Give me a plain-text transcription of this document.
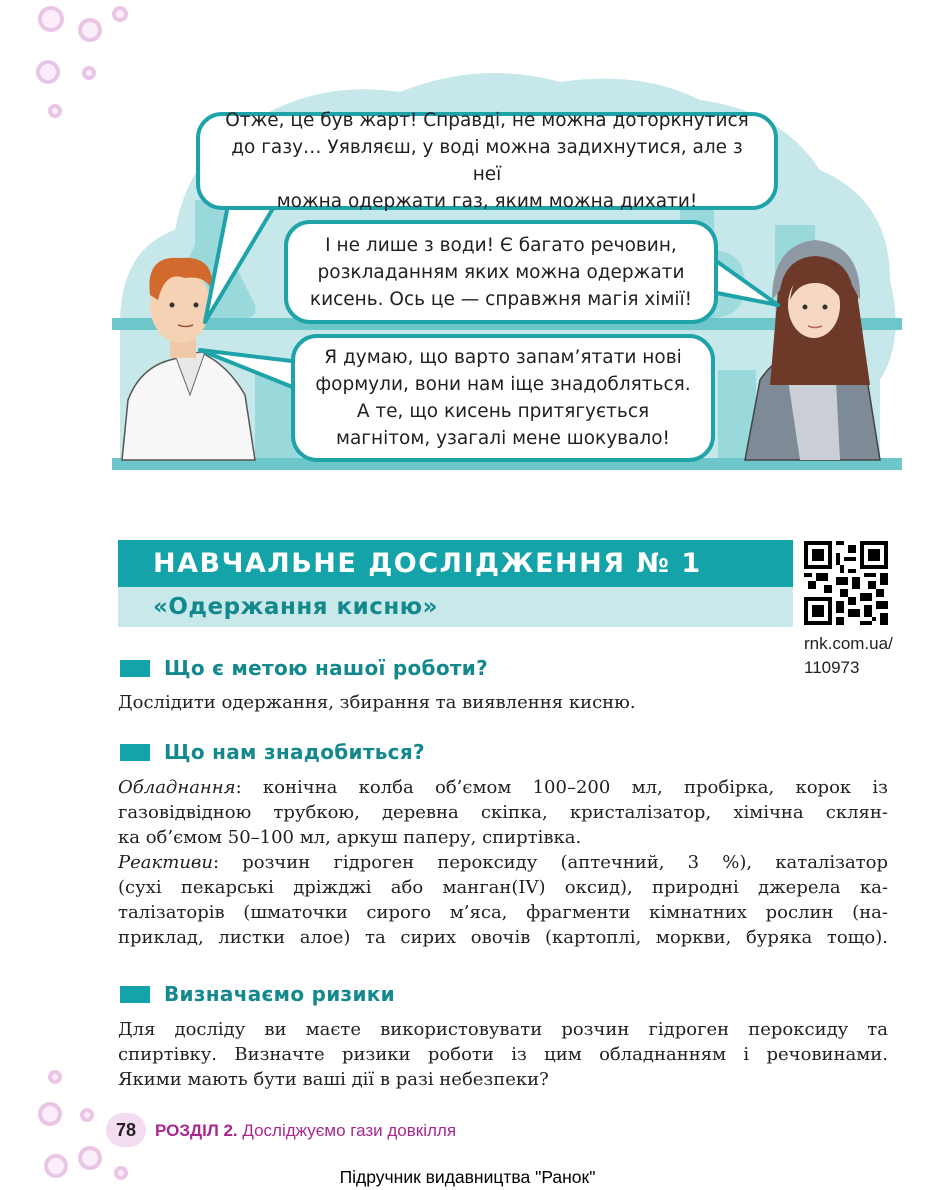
Отже, це був жарт! Справді, не можна доторкнутися
до газу… Уявляєш, у воді можна задихнутися, але з неї
можна одержати газ, яким можна дихати!
І не лише з води! Є багато речовин,
розкладанням яких можна одержати
кисень. Ось це — справжня магія хімії!
Я думаю, що варто запам’ятати нові
формули, вони нам іще знадобляться.
А те, що кисень притягується
магнітом, узагалі мене шокувало!
НАВЧАЛЬНЕ ДОСЛІДЖЕННЯ № 1
«Одержання кисню»
rnk.com.ua/
110973
Що є метою нашої роботи?
Дослідити одержання, збирання та виявлення кисню.
Що нам знадобиться?
Обладнання: конічна колба об’ємом 100–200 мл, пробірка, корок із
газовідвідною трубкою, деревна скіпка, кристалізатор, хімічна склян-
ка об’ємом 50–100 мл, аркуш паперу, спиртівка.
Реактиви: розчин гідроген пероксиду (аптечний, 3 %), каталізатор
(сухі пекарські дріжджі або манган(IV) оксид), природні джерела ка-
талізаторів (шматочки сирого м’яса, фрагменти кімнатних рослин (на-
приклад, листки алое) та сирих овочів (картоплі, моркви, буряка тощо).
Визначаємо ризики
Для досліду ви маєте використовувати розчин гідроген пероксиду та
спиртівку. Визначте ризики роботи із цим обладнанням і речовинами.
Якими мають бути ваші дії в разі небезпеки?
78	РОЗДІЛ 2. Досліджуємо гази довкілля
Підручник видавництва "Ранок"
